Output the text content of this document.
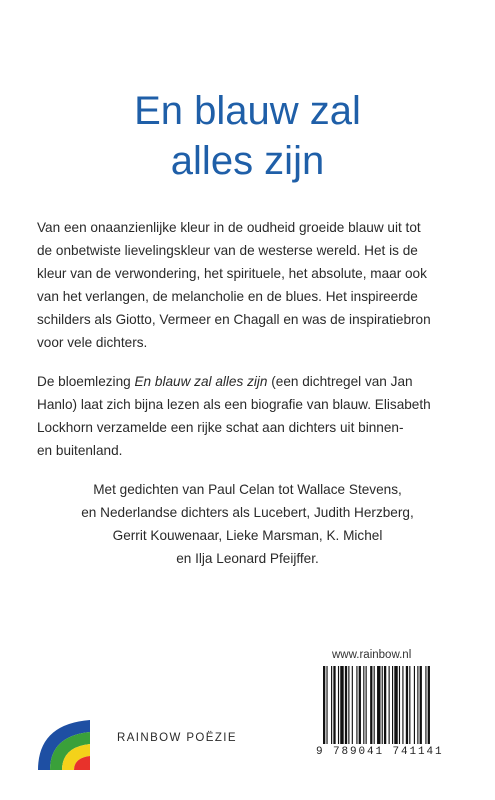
En blauw zal
alles zijn

Van een onaanzienlijke kleur in de oudheid groeide blauw uit tot
de onbetwiste lievelingskleur van de westerse wereld. Het is de
kleur van de verwondering, het spirituele, het absolute, maar ook
van het verlangen, de melancholie en de blues. Het inspireerde
schilders als Giotto, Vermeer en Chagall en was de inspiratiebron
voor vele dichters.

De bloemlezing En blauw zal alles zijn (een dichtregel van Jan
Hanlo) laat zich bijna lezen als een biografie van blauw. Elisabeth
Lockhorn verzamelde een rijke schat aan dichters uit binnen-
en buitenland.

Met gedichten van Paul Celan tot Wallace Stevens,
en Nederlandse dichters als Lucebert, Judith Herzberg,
Gerrit Kouwenaar, Lieke Marsman, K. Michel
en Ilja Leonard Pfeijffer.

www.rainbow.nl
9 789041 741141
RAINBOW POËZIE
